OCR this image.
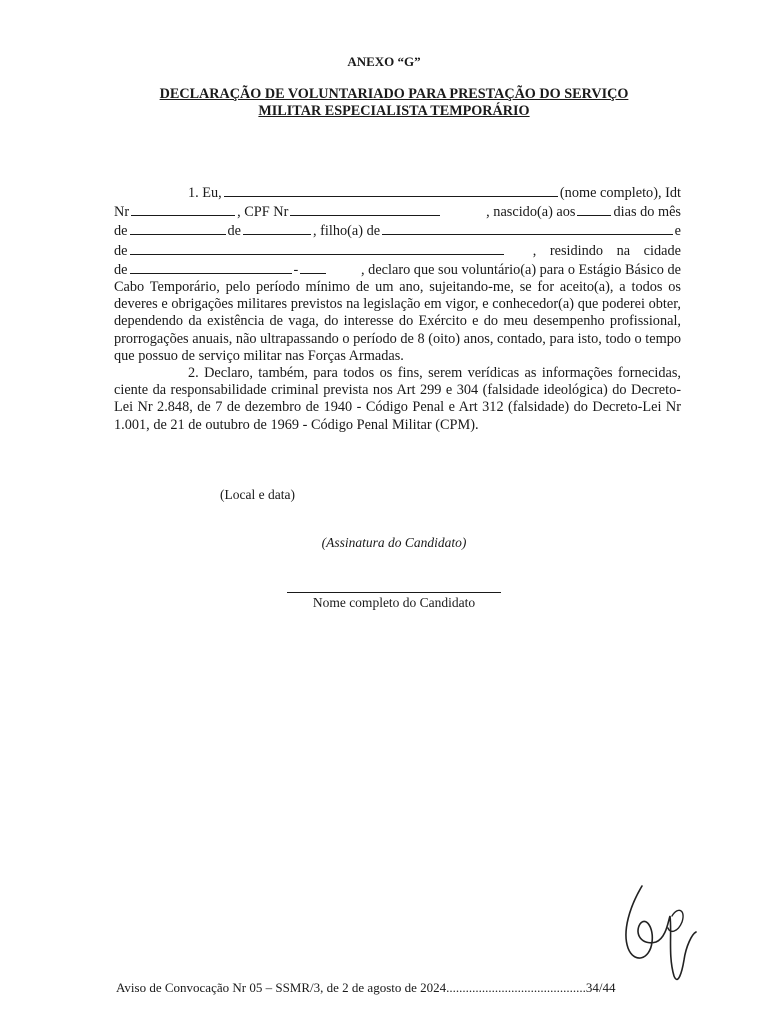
ANEXO “G”
DECLARAÇÃO DE VOLUNTARIADO PARA PRESTAÇÃO DO SERVIÇO
MILITAR ESPECIALISTA TEMPORÁRIO
1. Eu,	(nome completo), Idt
Nr	, CPF Nr	, nascido(a) aos	dias do mês
de	de	, filho(a) de	e
de	, residindo na cidade
de	-	, declaro que sou voluntário(a) para o Estágio Básico de

Cabo Temporário, pelo período mínimo de um ano, sujeitando-me, se for aceito(a), a todos os deveres e obrigações militares previstos na legislação em vigor, e conhecedor(a) que poderei obter, dependendo da existência de vaga, do interesse do Exército e do meu desempenho profissional, prorrogações anuais, não ultrapassando o período de 8 (oito) anos, contado, para isto, todo o tempo que possuo de serviço militar nas Forças Armadas.

2. Declaro, também, para todos os fins, serem verídicas as informações fornecidas, ciente da responsabilidade criminal prevista nos Art 299 e 304 (falsidade ideológica) do Decreto-Lei Nr 2.848, de 7 de dezembro de 1940 - Código Penal e Art 312 (falsidade) do Decreto-Lei Nr 1.001, de 21 de outubro de 1969 - Código Penal Militar (CPM).

(Local e data)
(Assinatura do Candidato)
Nome completo do Candidato
Aviso de Convocação Nr 05 – SSMR/3, de 2 de agosto de 2024...........................................34/44
